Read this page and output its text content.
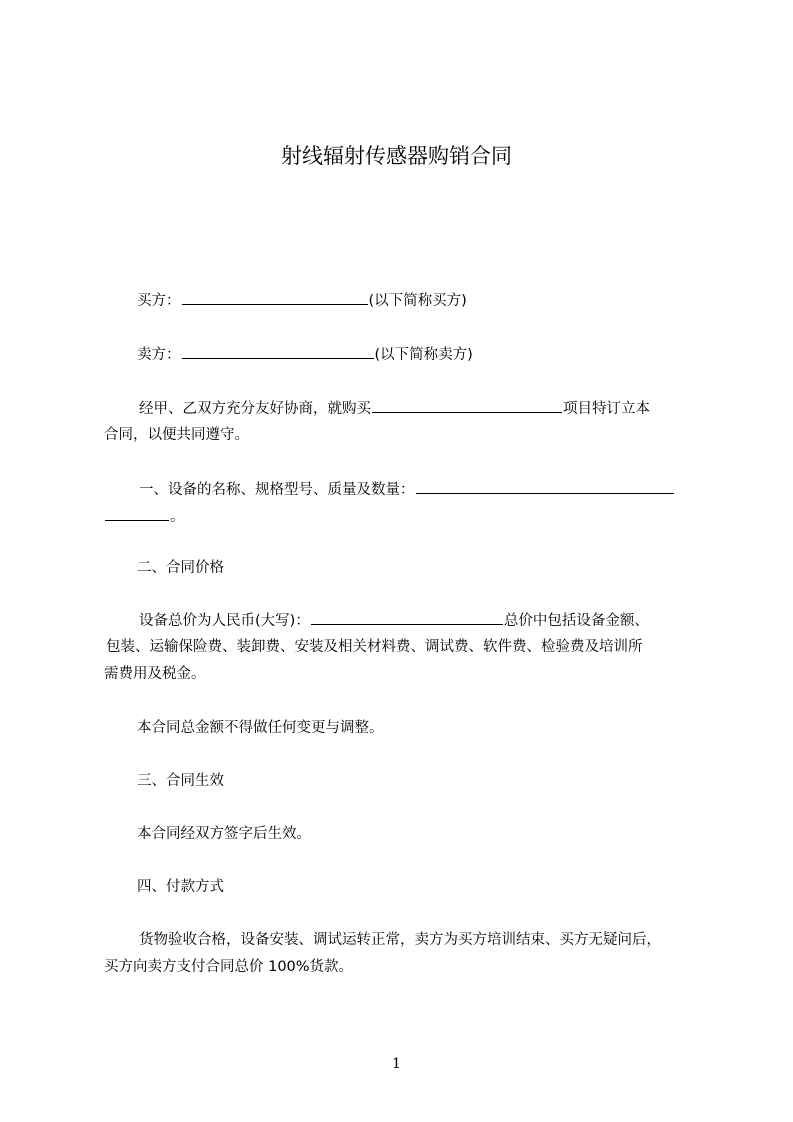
射线辐射传感器购销合同
买方：	(以下简称买方)
卖方：	(以下简称卖方)
经甲、乙双方充分友好协商，就购买	项目特订立本
合同，以便共同遵守。
一、设备的名称、规格型号、质量及数量：
。
二、合同价格
设备总价为人民币(大写)：	总价中包括设备金额、
包装、运输保险费、装卸费、安装及相关材料费、调试费、软件费、检验费及培训所
需费用及税金。
本合同总金额不得做任何变更与调整。
三、合同生效
本合同经双方签字后生效。
四、付款方式
货物验收合格，设备安装、调试运转正常，卖方为买方培训结束、买方无疑问后，
买方向卖方支付合同总价 100%货款。
1
